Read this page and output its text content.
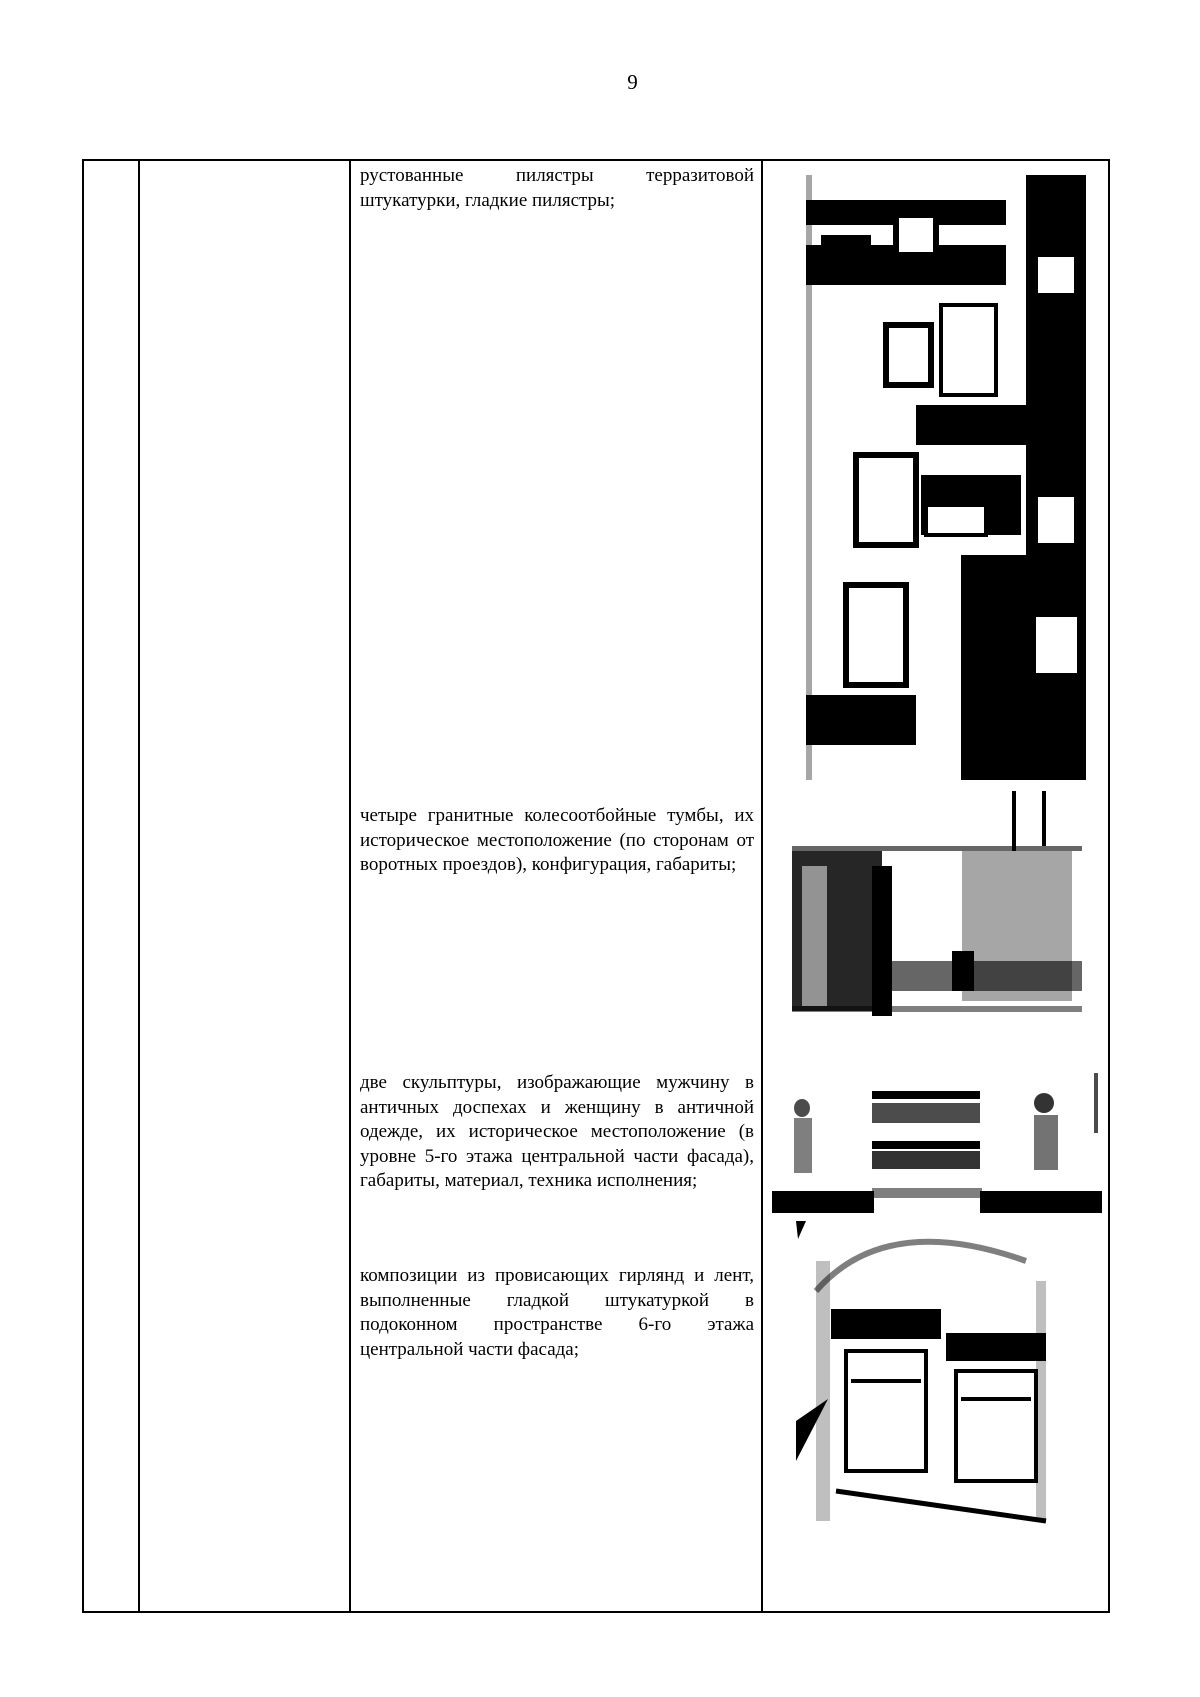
9
рустованные пилястры терразитовой штукатурки, гладкие пилястры;
четыре гранитные колесоотбойные тумбы, их историческое местоположение (по сторонам от воротных проездов), конфигурация, габариты;
две скульптуры, изображающие мужчину в античных доспехах и женщину в античной одежде, их историческое местоположение (в уровне 5-го этажа центральной части фасада), габариты, материал, техника исполнения;
композиции из провисающих гирлянд и лент, выполненные гладкой штукатуркой в подоконном пространстве 6-го этажа центральной части фасада;
